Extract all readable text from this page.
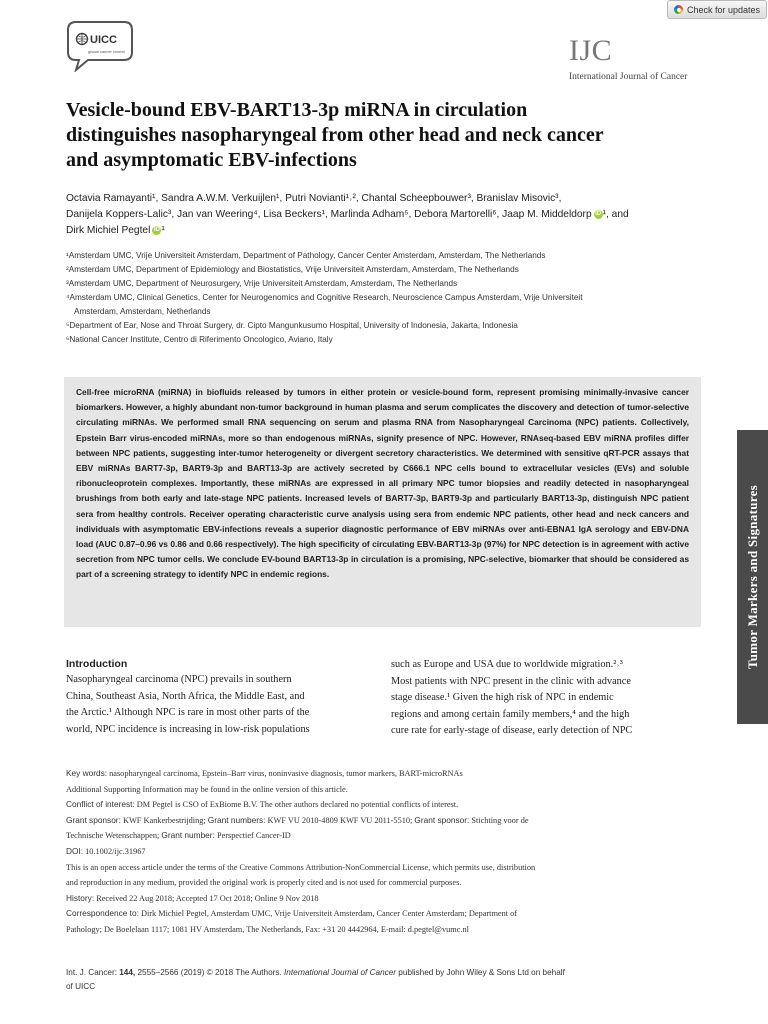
Check for updates
UICC
global cancer control	IJC
International Journal of Cancer
Vesicle-bound EBV-BART13-3p miRNA in circulation
distinguishes nasopharyngeal from other head and neck cancer
and asymptomatic EBV-infections
Octavia Ramayanti¹, Sandra A.W.M. Verkuijlen¹, Putri Novianti¹˒², Chantal Scheepbouwer³, Branislav Misovic³,
Danijela Koppers-Lalic³, Jan van Weering⁴, Lisa Beckers¹, Marlinda Adham⁵, Debora Martorelli⁶, Jaap M. Middeldorp iD ¹, and
Dirk Michiel Pegtel iD ¹
¹Amsterdam UMC, Vrije Universiteit Amsterdam, Department of Pathology, Cancer Center Amsterdam, Amsterdam, The Netherlands
²Amsterdam UMC, Department of Epidemiology and Biostatistics, Vrije Universiteit Amsterdam, Amsterdam, The Netherlands
³Amsterdam UMC, Department of Neurosurgery, Vrije Universiteit Amsterdam, Amsterdam, The Netherlands
⁴Amsterdam UMC, Clinical Genetics, Center for Neurogenomics and Cognitive Research, Neuroscience Campus Amsterdam, Vrije Universiteit
Amsterdam, Amsterdam, Netherlands
⁵Department of Ear, Nose and Throat Surgery, dr. Cipto Mangunkusumo Hospital, University of Indonesia, Jakarta, Indonesia
⁶National Cancer Institute, Centro di Riferimento Oncologico, Aviano, Italy
Cell-free microRNA (miRNA) in biofluids released by tumors in either protein or vesicle-bound form, represent promising minimally-invasive cancer biomarkers. However, a highly abundant non-tumor background in human plasma and serum complicates the discovery and detection of tumor-selective circulating miRNAs. We performed small RNA sequencing on serum and plasma RNA from Nasopharyngeal Carcinoma (NPC) patients. Collectively, Epstein Barr virus-encoded miRNAs, more so than endogenous miRNAs, signify presence of NPC. However, RNAseq-based EBV miRNA profiles differ between NPC patients, suggesting inter-tumor heterogeneity or divergent secretory characteristics. We determined with sensitive qRT-PCR assays that EBV miRNAs BART7-3p, BART9-3p and BART13-3p are actively secreted by C666.1 NPC cells bound to extracellular vesicles (EVs) and soluble ribonucleoprotein complexes. Importantly, these miRNAs are expressed in all primary NPC tumor biopsies and readily detected in nasopharyngeal brushings from both early and late-stage NPC patients. Increased levels of BART7-3p, BART9-3p and particularly BART13-3p, distinguish NPC patient sera from healthy controls. Receiver operating characteristic curve analysis using sera from endemic NPC patients, other head and neck cancers and individuals with asymptomatic EBV-infections reveals a superior diagnostic performance of EBV miRNAs over anti-EBNA1 IgA serology and EBV-DNA load (AUC 0.87–0.96 vs 0.86 and 0.66 respectively). The high specificity of circulating EBV-BART13-3p (97%) for NPC detection is in agreement with active secretion from NPC tumor cells. We conclude EV-bound BART13-3p in circulation is a promising, NPC-selective, biomarker that should be considered as part of a screening strategy to identify NPC in endemic regions.	Tumor Markers and Signatures
Introduction
Nasopharyngeal carcinoma (NPC) prevails in southern
China, Southeast Asia, North Africa, the Middle East, and
the Arctic.¹ Although NPC is rare in most other parts of the
world, NPC incidence is increasing in low-risk populations
such as Europe and USA due to worldwide migration.²˒³
Most patients with NPC present in the clinic with advance
stage disease.¹ Given the high risk of NPC in endemic
regions and among certain family members,⁴ and the high
cure rate for early-stage of disease, early detection of NPC
Key words: nasopharyngeal carcinoma, Epstein–Barr virus, noninvasive diagnosis, tumor markers, BART-microRNAs
Additional Supporting Information may be found in the online version of this article.
Conflict of interest: DM Pegtel is CSO of ExBiome B.V. The other authors declared no potential conflicts of interest.
Grant sponsor: KWF Kankerbestrijding; Grant numbers: KWF VU 2010-4809 KWF VU 2011-5510; Grant sponsor: Stichting voor de
Technische Wetenschappen; Grant number: Perspectief Cancer-ID
DOI: 10.1002/ijc.31967
This is an open access article under the terms of the Creative Commons Attribution-NonCommercial License, which permits use, distribution
and reproduction in any medium, provided the original work is properly cited and is not used for commercial purposes.
History: Received 22 Aug 2018; Accepted 17 Oct 2018; Online 9 Nov 2018
Correspondence to: Dirk Michiel Pegtel, Amsterdam UMC, Vrije Universiteit Amsterdam, Cancer Center Amsterdam; Department of
Pathology; De Boelelaan 1117; 1081 HV Amsterdam, The Netherlands, Fax: +31 20 4442964, E-mail: d.pegtel@vumc.nl
Int. J. Cancer: 144, 2555–2566 (2019) © 2018 The Authors. International Journal of Cancer published by John Wiley & Sons Ltd on behalf
of UICC
